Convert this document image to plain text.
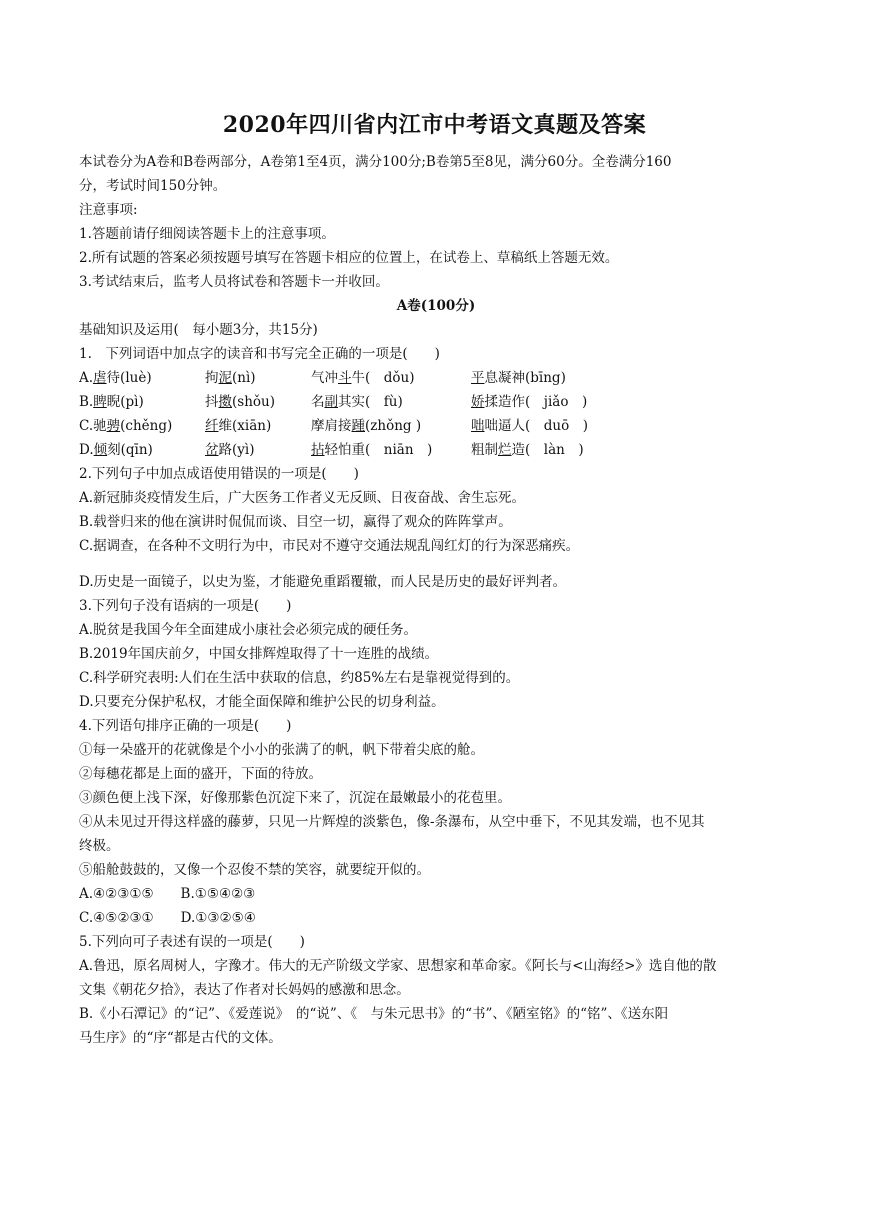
2020年四川省内江市中考语文真题及答案
本试卷分为A卷和B卷两部分，A卷第1至4页，满分100分;B卷第5至8见，满分60分。全卷满分160
分，考试时间150分钟。
注意事项:
1.答题前请仔细阅读答题卡上的注意事项。
2.所有试题的答案必须按题号填写在答题卡相应的位置上，在试卷上、草稿纸上答题无效。
3.考试结束后，监考人员将试卷和答题卡一并收回。
A卷(100分)
基础知识及运用(　每小题3分，共15分)
1.　下列词语中加点字的读音和书写完全正确的一项是(　　)
A.虐待(luè)	拘泥(nì)	气冲斗牛(　dǒu)	平息凝神(bīng)
B.睥睨(pì)	抖擞(shǒu)	名副其实(　fù)	娇揉造作(　jiǎo　)
C.驰骋(chěng)	纤维(xiān)	摩肩接踵(zhǒng )	咄咄逼人(　duō　)
D.倾刻(qīn)	岔路(yì)	拈轻怕重(　niān　)	粗制烂造(　làn　)
2.下列句子中加点成语使用错误的一项是(　　)
A.新冠肺炎疫情发生后，广大医务工作者义无反顾、日夜奋战、舍生忘死。
B.载誉归来的他在演讲时侃侃而谈、目空一切，赢得了观众的阵阵掌声。
C.据调查，在各种不文明行为中，市民对不遵守交通法规乱闯红灯的行为深恶痛疾。
D.历史是一面镜子，以史为鉴，才能避免重蹈覆辙，而人民是历史的最好评判者。
3.下列句子没有语病的一项是(　　)
A.脱贫是我国今年全面建成小康社会必须完成的硬任务。
B.2019年国庆前夕，中国女排辉煌取得了十一连胜的战绩。
C.科学研究表明:人们在生活中获取的信息，约85%左右是靠视觉得到的。
D.只要充分保护私权，才能全面保障和维护公民的切身利益。
4.下列语句排序正确的一项是(　　)
①每一朵盛开的花就像是个小小的张满了的帆，帆下带着尖底的舱。
②每穗花都是上面的盛开，下面的待放。
③颜色便上浅下深，好像那紫色沉淀下来了，沉淀在最嫩最小的花苞里。
④从未见过开得这样盛的藤萝，只见一片辉煌的淡紫色，像-条瀑布，从空中垂下，不见其发端，也不见其
终极。
⑤船舱鼓鼓的，又像一个忍俊不禁的笑容，就要绽开似的。
A.④②③①⑤　　B.①⑤④②③
C.④⑤②③①　　D.①③②⑤④
5.下列向可子表述有误的一项是(　　)
A.鲁迅，原名周树人，字豫才。伟大的无产阶级文学家、思想家和革命家。《阿长与<山海经>》选自他的散
文集《朝花夕拾》，表达了作者对长妈妈的感激和思念。
B.《小石潭记》的“记”、《爱莲说》　的“说”、《　与朱元思书》的“书”、《陋室铭》的“铭”、《送东阳
马生序》的“序“都是古代的文体。
